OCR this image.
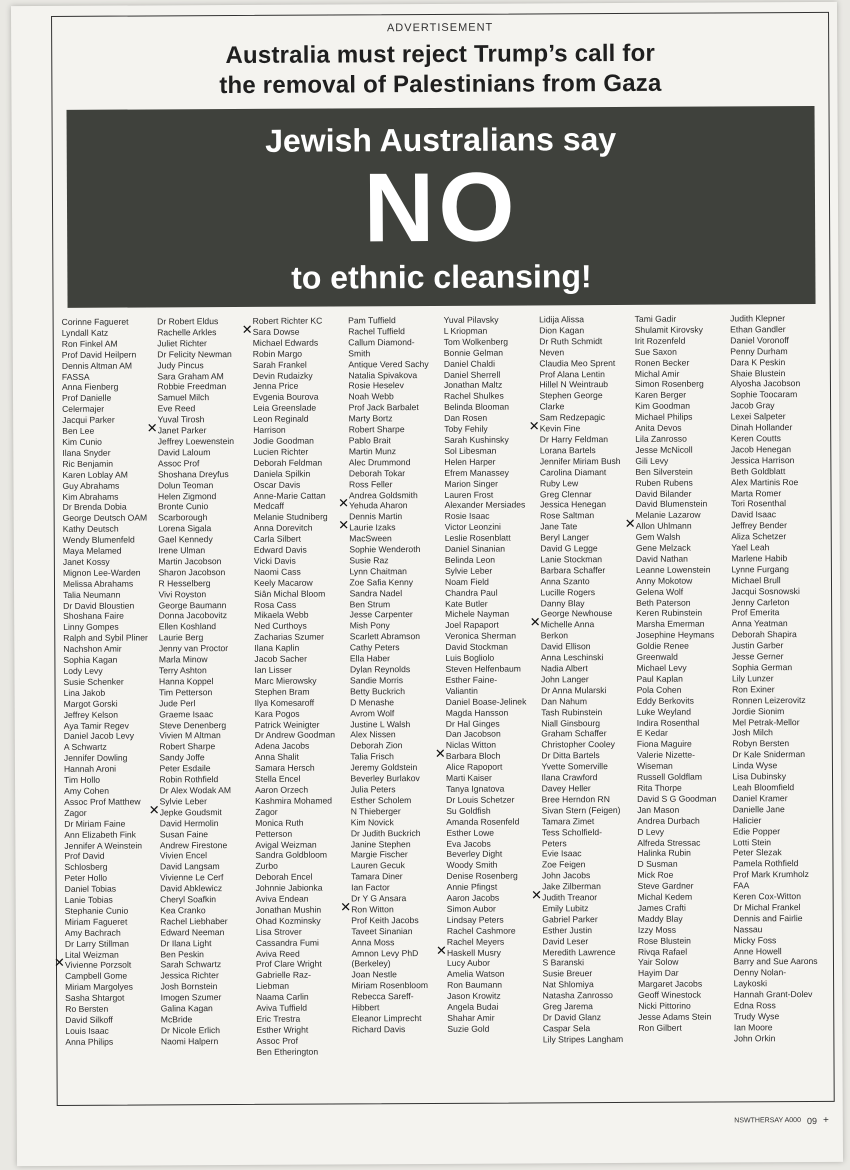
ADVERTISEMENT
Australia must reject Trump’s call for
the removal of Palestinians from Gaza
Jewish Australians say
NO
to ethnic cleansing!
Corinne Fagueret
Lyndall Katz
Ron Finkel AM
Prof David Heilpern
Dennis Altman AM
FASSA
Anna Fienberg
Prof Danielle
Celermajer
Jacqui Parker
Ben Lee
Kim Cunio
Ilana Snyder
Ric Benjamin
Karen Loblay AM
Guy Abrahams
Kim Abrahams
Dr Brenda Dobia
George Deutsch OAM
Kathy Deutsch
Wendy Blumenfeld
Maya Melamed
Janet Kossy
Mignon Lee-Warden
Melissa Abrahams
Talia Neumann
Dr David Bloustien
Shoshana Faire
Linny Gompes
Ralph and Sybil Pliner
Nachshon Amir
Sophia Kagan
Lody Levy
Susie Schenker
Lina Jakob
Margot Gorski
Jeffrey Kelson
Aya Tamir Regev
Daniel Jacob Levy
A Schwartz
Jennifer Dowling
Hannah Aroni
Tim Hollo
Amy Cohen
Assoc Prof Matthew
Zagor
Dr Miriam Faine
Ann Elizabeth Fink
Jennifer A Weinstein
Prof David
Schlosberg
Peter Hollo
Daniel Tobias
Lanie Tobias
Stephanie Cunio
Miriam Fagueret
Amy Bachrach
Dr Larry Stillman
Lital Weizman
✕ Vivienne Porzsolt
Campbell Gome
Miriam Margolyes
Sasha Shtargot
Ro Bersten
David Silkoff
Louis Isaac
Anna Philips
Dr Robert Eldus
Rachelle Arkles
Juliet Richter
Dr Felicity Newman
Judy Pincus
Sara Graham AM
Robbie Freedman
Samuel Milch
Eve Reed
Yuval Tirosh
✕ Janet Parker
Jeffrey Loewenstein
David Laloum
Assoc Prof
Shoshana Dreyfus
Dolun Teoman
Helen Zigmond
Bronte Cunio
Scarborough
Lorena Sigala
Gael Kennedy
Irene Ulman
Martin Jacobson
Sharon Jacobson
R Hesselberg
Vivi Royston
George Baumann
Donna Jacobovitz
Ellen Koshland
Laurie Berg
Jenny van Proctor
Marla Minow
Terry Ashton
Hanna Koppel
Tim Petterson
Jude Perl
Graeme Isaac
Steve Denenberg
Vivien M Altman
Robert Sharpe
Sandy Joffe
Peter Esdaile
Robin Rothfield
Dr Alex Wodak AM
Sylvie Leber
✕ Jepke Goudsmit
David Hermolin
Susan Faine
Andrew Firestone
Vivien Encel
David Langsam
Vivienne Le Cerf
David Abklewicz
Cheryl Soafkin
Kea Cranko
Rachel Liebhaber
Edward Neeman
Dr Ilana Light
Ben Peskin
Sarah Schwartz
Jessica Richter
Josh Bornstein
Imogen Szumer
Galina Kagan
McBride
Dr Nicole Erlich
Naomi Halpern
Robert Richter KC
✕ Sara Dowse
Michael Edwards
Robin Margo
Sarah Frankel
Devin Rudaizky
Jenna Price
Evgenia Bourova
Leia Greenslade
Leon Reginald
Harrison
Jodie Goodman
Lucien Richter
Deborah Feldman
Daniela Spilkin
Oscar Davis
Anne-Marie Cattan
Medcaff
Melanie Studniberg
Anna Dorevitch
Carla Silbert
Edward Davis
Vicki Davis
Naomi Cass
Keely Macarow
Siân Michal Bloom
Rosa Cass
Mikaela Webb
Ned Curthoys
Zacharias Szumer
Ilana Kaplin
Jacob Sacher
Ian Lisser
Marc Mierowsky
Stephen Bram
Ilya Komesaroff
Kara Pogos
Patrick Weinigter
Dr Andrew Goodman
Adena Jacobs
Anna Shalit
Samara Hersch
Stella Encel
Aaron Orzech
Kashmira Mohamed
Zagor
Monica Ruth
Petterson
Avigal Weizman
Sandra Goldbloom
Zurbo
Deborah Encel
Johnnie Jabionka
Aviva Endean
Jonathan Mushin
Ohad Kozminsky
Lisa Strover
Cassandra Fumi
Aviva Reed
Prof Clare Wright
Gabrielle Raz-
Liebman
Naama Carlin
Aviva Tuffield
Eric Trestra
Esther Wright
Assoc Prof
Ben Etherington
Pam Tuffield
Rachel Tuffield
Callum Diamond-
Smith
Antique Vered Sachy
Natalia Spivakova
Rosie Heselev
Noah Webb
Prof Jack Barbalet
Marty Bortz
Robert Sharpe
Pablo Brait
Martin Munz
Alec Drummond
Deborah Tokar
Ross Feller
Andrea Goldsmith
✕ Yehuda Aharon
Dennis Martin
✕ Laurie Izaks
MacSween
Sophie Wenderoth
Susie Raz
Lynn Chaitman
Zoe Safia Kenny
Sandra Nadel
Ben Strum
Jesse Carpenter
Mish Pony
Scarlett Abramson
Cathy Peters
Ella Haber
Dylan Reynolds
Sandie Morris
Betty Buckrich
D Menashe
Avrom Wolf
Justine L Walsh
Alex Nissen
Deborah Zion
Talia Frisch
Jeremy Goldstein
Beverley Burlakov
Julia Peters
Esther Scholem
N Thieberger
Kim Novick
Dr Judith Buckrich
Janine Stephen
Margie Fischer
Lauren Gecuk
Tamara Diner
Ian Factor
Dr Y G Ansara
✕ Ron Witton
Prof Keith Jacobs
Taveet Sinanian
Anna Moss
Amnon Levy PhD
(Berkeley)
Joan Nestle
Miriam Rosenbloom
Rebecca Sareff-
Hibbert
Eleanor Limprecht
Richard Davis
Yuval Pilavsky
L Kriopman
Tom Wolkenberg
Bonnie Gelman
Daniel Chaldi
Daniel Sherrell
Jonathan Maltz
Rachel Shulkes
Belinda Blooman
Dan Rosen
Toby Fehily
Sarah Kushinsky
Sol Libesman
Helen Harper
Efrem Manassey
Marion Singer
Lauren Frost
Alexander Mersiades
Rosie Isaac
Victor Leonzini
Leslie Rosenblatt
Daniel Sinanian
Belinda Leon
Sylvie Leber
Noam Field
Chandra Paul
Kate Butler
Michele Nayman
Joel Rapaport
Veronica Sherman
David Stockman
Luis Bogliolo
Steven Helfenbaum
Esther Faine-
Valiantin
Daniel Boase-Jelinek
Magda Hansson
Dr Hal Ginges
Dan Jacobson
Niclas Witton
✕ Barbara Bloch
Alice Rapoport
Marti Kaiser
Tanya Ignatova
Dr Louis Schetzer
Su Goldfish
Amanda Rosenfeld
Esther Lowe
Eva Jacobs
Beverley Dight
Woody Smith
Denise Rosenberg
Annie Pfingst
Aaron Jacobs
Simon Aubor
Lindsay Peters
Rachel Cashmore
Rachel Meyers
✕ Haskell Musry
Lucy Aubor
Amelia Watson
Ron Baumann
Jason Krowitz
Angela Budai
Shahar Amir
Suzie Gold
Lidija Alissa
Dion Kagan
Dr Ruth Schmidt
Neven
Claudia Meo Sprent
Prof Alana Lentin
Hillel N Weintraub
Stephen George
Clarke
Sam Redzepagic
✕ Kevin Fine
Dr Harry Feldman
Lorana Bartels
Jennifer Miriam Bush
Carolina Diamant
Ruby Lew
Greg Clennar
Jessica Henegan
Rose Saltman
Jane Tate
Beryl Langer
David G Legge
Lanie Stockman
Barbara Schaffer
Anna Szanto
Lucille Rogers
Danny Blay
George Newhouse
✕ Michelle Anna
Berkon
David Ellison
Anna Leschinski
Nadia Albert
John Langer
Dr Anna Mularski
Dan Nahum
Tash Rubinstein
Niall Ginsbourg
Graham Schaffer
Christopher Cooley
Dr Ditta Bartels
Yvette Somerville
Ilana Crawford
Davey Heller
Bree Herndon RN
Sivan Stern (Feigen)
Tamara Zimet
Tess Scholfield-
Peters
Evie Isaac
Zoe Feigen
John Jacobs
Jake Zilberman
✕ Judith Treanor
Emily Lubitz
Gabriel Parker
Esther Justin
David Leser
Meredith Lawrence
S Baranski
Susie Breuer
Nat Shlomiya
Natasha Zanrosso
Greg Jarema
Dr David Glanz
Caspar Sela
Lily Stripes Langham
Tami Gadir
Shulamit Kirovsky
Irit Rozenfeld
Sue Saxon
Ronen Becker
Michal Amir
Simon Rosenberg
Karen Berger
Kim Goodman
Michael Philips
Anita Devos
Lila Zanrosso
Jesse McNicoll
Gili Levy
Ben Silverstein
Ruben Rubens
David Bilander
David Blumenstein
Melanie Lazarow
✕ Allon Uhlmann
Gem Walsh
Gene Melzack
David Nathan
Leanne Lowenstein
Anny Mokotow
Gelena Wolf
Beth Paterson
Keren Rubinstein
Marsha Emerman
Josephine Heymans
Goldie Renee
Greenwald
Michael Levy
Paul Kaplan
Pola Cohen
Eddy Berkovits
Luke Weyland
Indira Rosenthal
E Kedar
Fiona Maguire
Valerie Nizette-
Wiseman
Russell Goldflam
Rita Thorpe
David S G Goodman
Jan Mason
Andrea Durbach
D Levy
Alfreda Stressac
Halinka Rubin
D Susman
Mick Roe
Steve Gardner
Michal Kedem
James Crafti
Maddy Blay
Izzy Moss
Rose Blustein
Rivqa Rafael
Yair Solow
Hayim Dar
Margaret Jacobs
Geoff Winestock
Nicki Pittorino
Jesse Adams Stein
Ron Gilbert
Judith Klepner
Ethan Gandler
Daniel Voronoff
Penny Durham
Dara K Peskin
Shaie Blustein
Alyosha Jacobson
Sophie Toocaram
Jacob Gray
Lexei Salpeter
Dinah Hollander
Keren Coutts
Jacob Henegan
Jessica Harrison
Beth Goldblatt
Alex Martinis Roe
Marta Romer
Tori Rosenthal
David Isaac
Jeffrey Bender
Aliza Schetzer
Yael Leah
Marlene Habib
Lynne Furgang
Michael Brull
Jacqui Sosnowski
Jenny Carleton
Prof Emerita
Anna Yeatman
Deborah Shapira
Justin Garber
Jesse Gerner
Sophia German
Lily Lunzer
Ron Exiner
Ronnen Leizerovitz
Jordie Sionim
Mel Petrak-Mellor
Josh Milch
Robyn Bersten
Dr Kale Sniderman
Linda Wyse
Lisa Dubinsky
Leah Bloomfield
Daniel Kramer
Danielle Jane
Halicier
Edie Popper
Lotti Stein
Peter Slezak
Pamela Rothfield
Prof Mark Krumholz
FAA
Keren Cox-Witton
Dr Michal Frankel
Dennis and Fairlie
Nassau
Micky Foss
Anne Howell
Barry and Sue Aarons
Denny Nolan-
Laykoski
Hannah Grant-Dolev
Edna Ross
Trudy Wyse
Ian Moore
John Orkin
NSWTHERSAY A000 09 +
